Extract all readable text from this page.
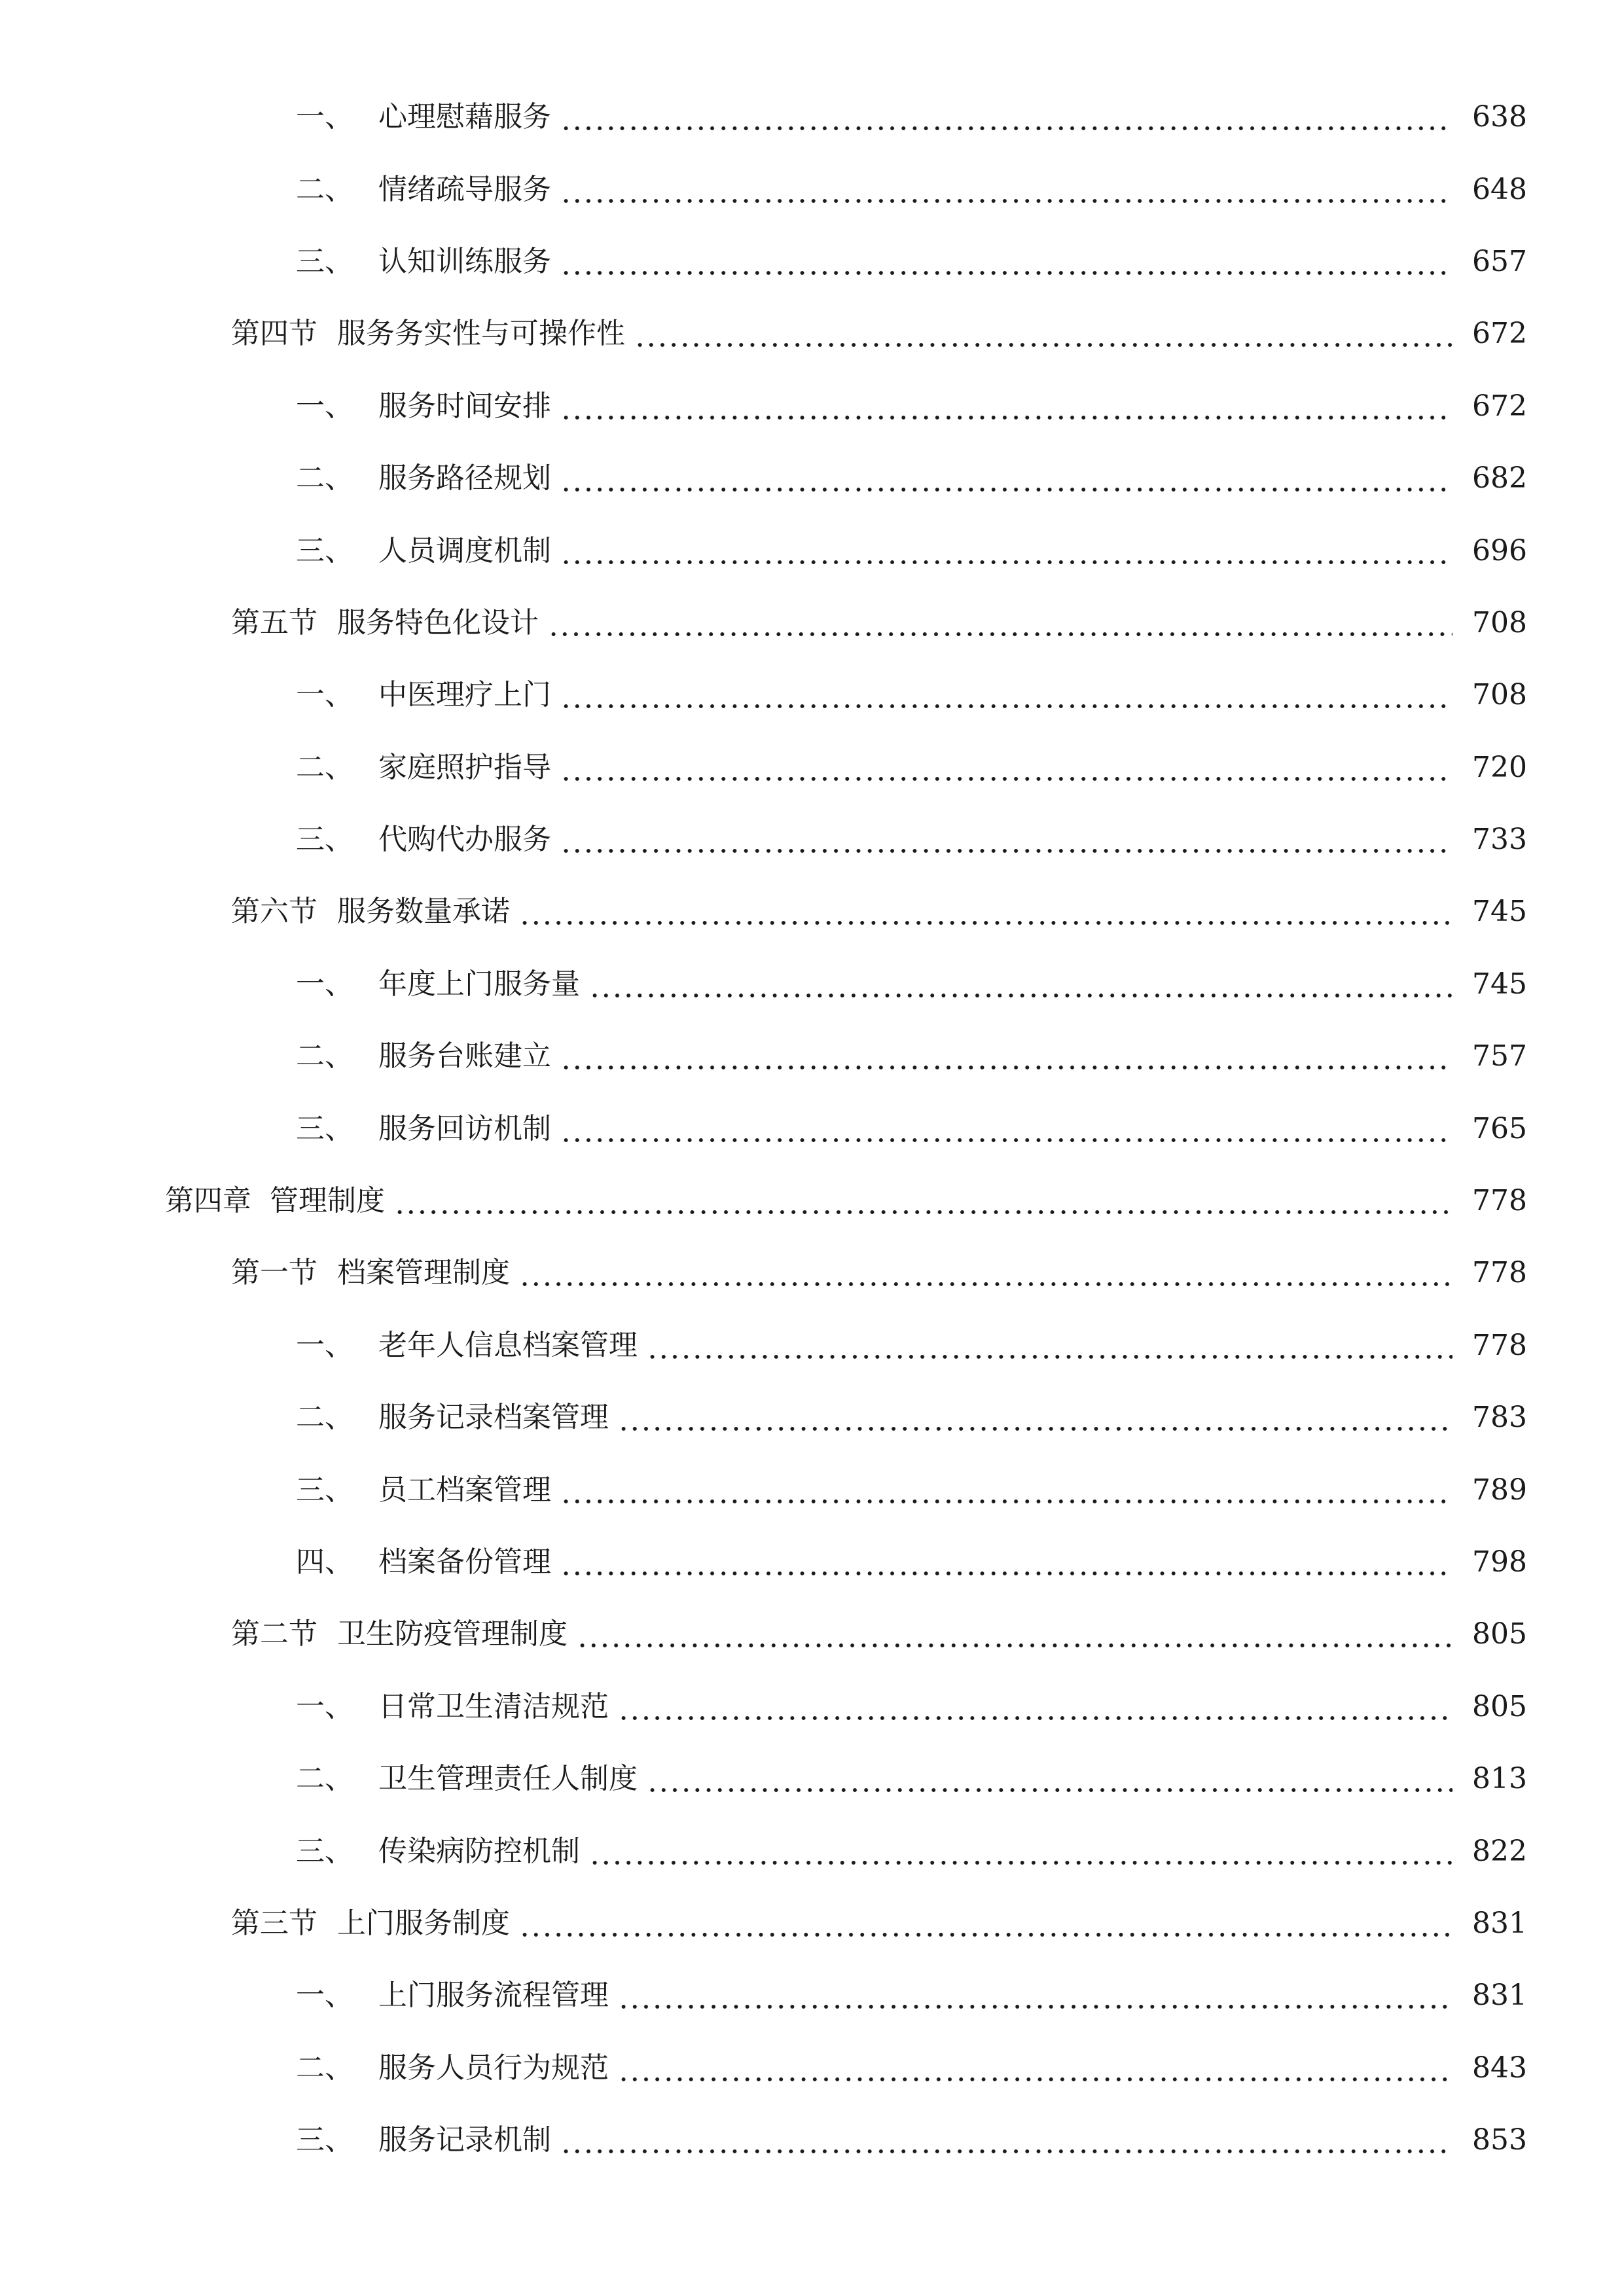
一、 心理慰藉服务	638
二、 情绪疏导服务	648
三、 认知训练服务	657
第四节 服务务实性与可操作性	672
一、 服务时间安排	672
二、 服务路径规划	682
三、 人员调度机制	696
第五节 服务特色化设计	708
一、 中医理疗上门	708
二、 家庭照护指导	720
三、 代购代办服务	733
第六节 服务数量承诺	745
一、 年度上门服务量	745
二、 服务台账建立	757
三、 服务回访机制	765
第四章 管理制度	778
第一节 档案管理制度	778
一、 老年人信息档案管理	778
二、 服务记录档案管理	783
三、 员工档案管理	789
四、 档案备份管理	798
第二节 卫生防疫管理制度	805
一、 日常卫生清洁规范	805
二、 卫生管理责任人制度	813
三、 传染病防控机制	822
第三节 上门服务制度	831
一、 上门服务流程管理	831
二、 服务人员行为规范	843
三、 服务记录机制	853
